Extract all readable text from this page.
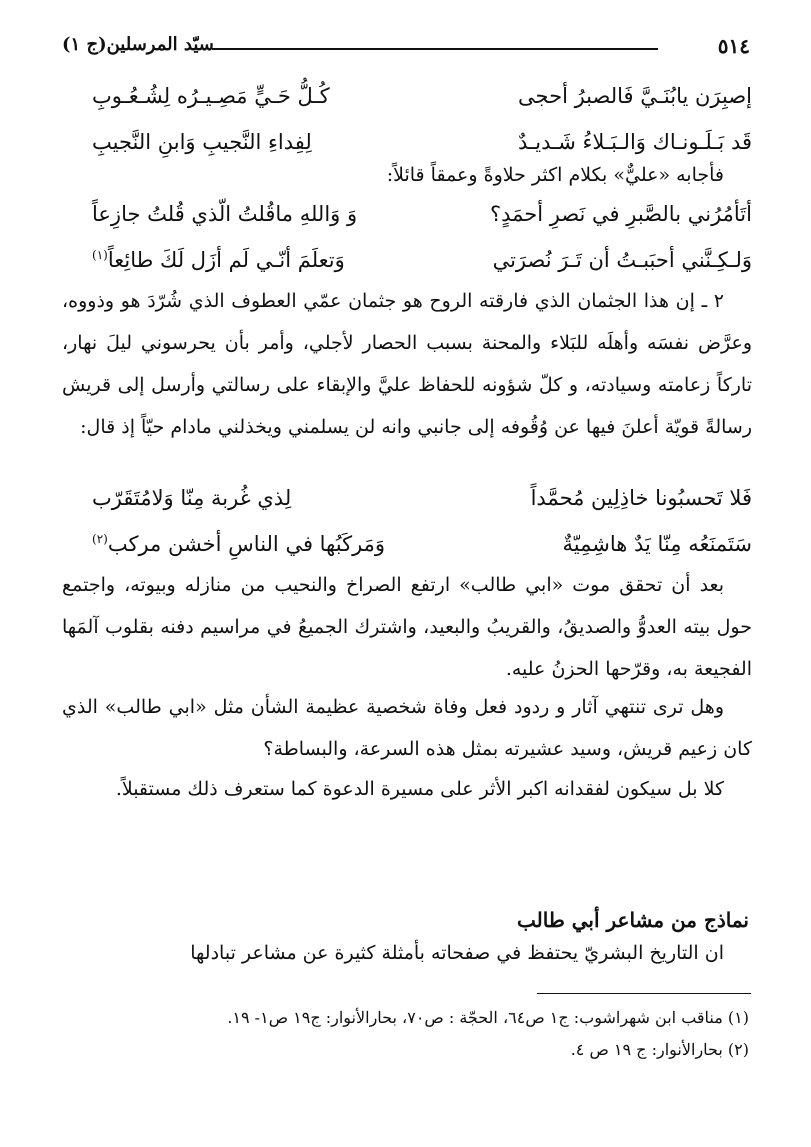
٥١٤
سيّد المرسلين(ج ١)
إصبِرَن يابُنَـيَّ فَالصبرُ أحجى
كُـلُّ حَـيٍّ مَصِـيـرُه لِشُـعُـوبِ
قَد بَـلَـونـاك وَالـبَـلاءُ شَـديـدٌ
لِفِداءِ النَّجيبِ وَابنِ النَّجيبِ

فأجابه «عليٌّ» بكلام اكثر حلاوةً وعمقاً قائلاً:

أتَأمُرُني بالصَّبرِ في نَصرِ أحمَدٍ؟
وَ وَاللهِ ماقُلتُ الّذي قُلتُ جازِعاً
وَلـكِـنَّني أحبَبـتُ أن تَـرَ نُصرَتي
وَتعلَمَ أنّـي لَم أزَل لَكَ طائِعاً$^{(١)}$

٢ ـ إن هذا الجثمان الذي فارقته الروح هو جثمان عمّي العطوف الذي شُرّدَ هو وذووه، وعرَّض نفسَه وأهلَه للبَلاء والمحنة بسبب الحصار لأجلي، وأمر بأن يحرسوني ليلَ نهار، تاركاً زعامته وسيادته، و كلّ شؤونه للحفاظ عليَّ والإبقاء على رسالتي وأرسل إلى قريش رسالةً قويّة أعلنَ فيها عن وُقُوفه إلى جانبي وانه لن يسلمني ويخذلني مادام حيّاً إذ قال:

فَلا تَحسبُونا خاذِلِين مُحمَّداً
لِذي غُربة مِنّا وَلامُتَقَرّب
سَتَمنَعُه مِنّا يَدٌ هاشِمِيّةٌ
وَمَركَبُها في الناسِ أخشن مركب$^{(٢)}$

بعد أن تحقق موت «ابي طالب» ارتفع الصراخ والنحيب من منازله وبيوته، واجتمع حول بيته العدوُّ والصديقُ، والقريبُ والبعيد، واشترك الجميعُ في مراسيم دفنه بقلوب آلمَها الفجيعة به، وقرّحها الحزنُ عليه.

وهل ترى تنتهي آثار و ردود فعل وفاة شخصية عظيمة الشأن مثل «ابي طالب» الذي كان زعيم قريش، وسيد عشيرته بمثل هذه السرعة، والبساطة؟

كلا بل سيكون لفقدانه اكبر الأثر على مسيرة الدعوة كما ستعرف ذلك مستقبلاً.

نماذج من مشاعر أبي طالب

ان التاريخ البشريّ يحتفظ في صفحاته بأمثلة كثيرة عن مشاعر تبادلها

(١) مناقب ابن شهراشوب: ج١ ص٦٤، الحجّة : ص٧٠، بحارالأنوار: ج١٩ ص١- ١٩.
(٢) بحارالأنوار: ج ١٩ ص ٤.
